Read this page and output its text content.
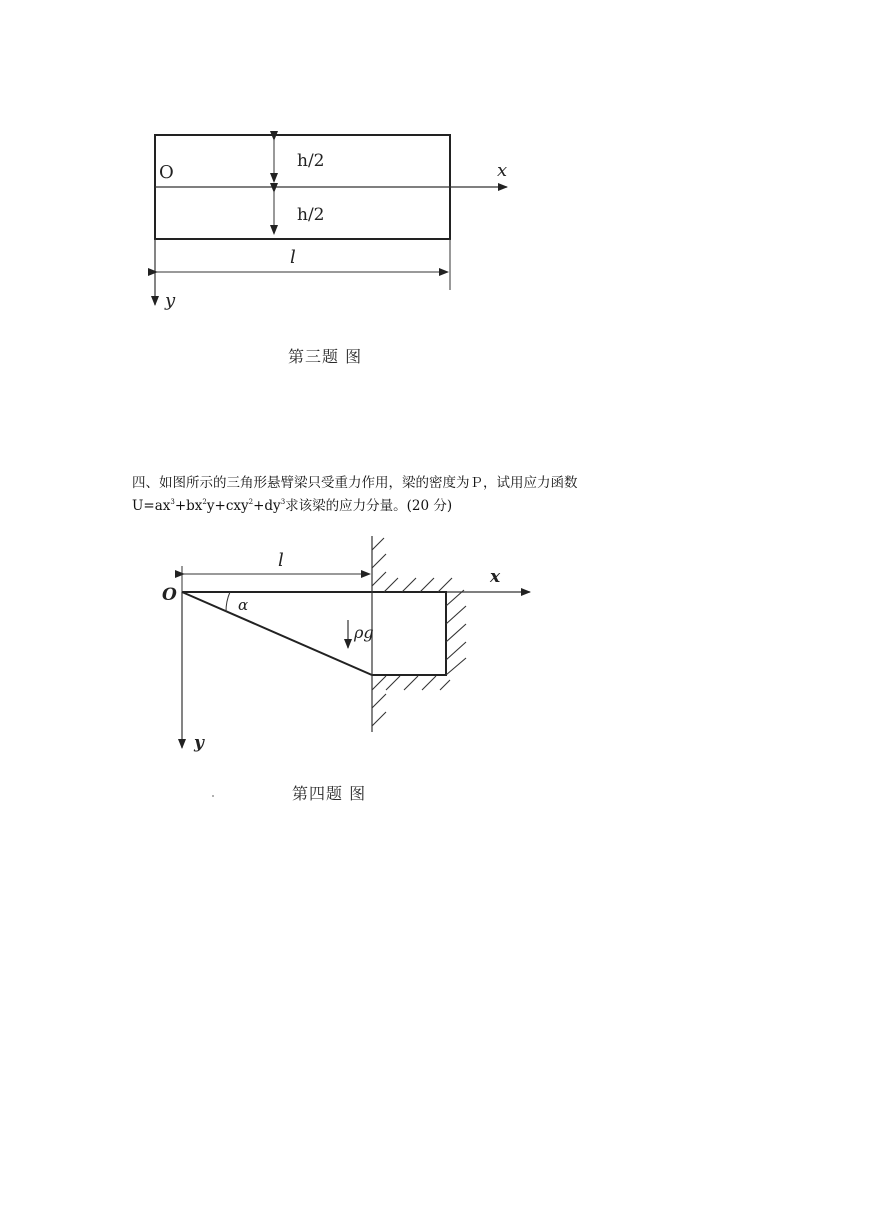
O
h/2
h/2
x
y
l
第三题 图
四、如图所示的三角形悬臂梁只受重力作用，梁的密度为Ｐ，试用应力函数
$U=ax^3+bx^2y+cxy^2+dy^3$求该梁的应力分量。(20 分)
O
x
y
l
α
ρg
第四题 图
